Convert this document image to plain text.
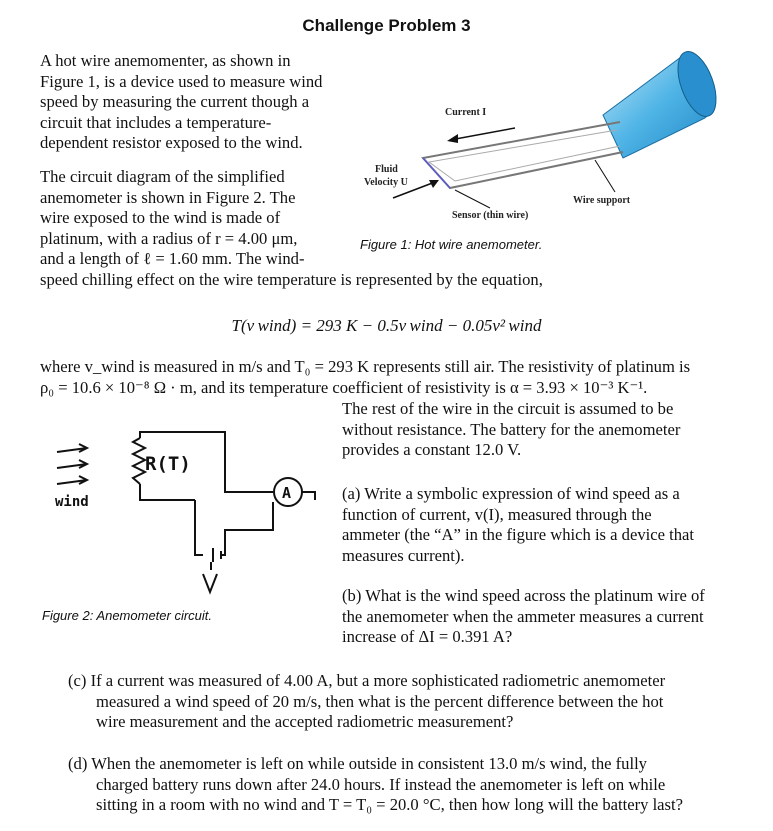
Challenge Problem 3
A hot wire anemomenter, as shown in
Figure 1, is a device used to measure wind
speed by measuring the current though a
circuit that includes a temperature-
dependent resistor exposed to the wind.
The circuit diagram of the simplified
anemometer is shown in Figure 2. The
wire exposed to the wind is made of
platinum, with a radius of r = 4.00 μm,
and a length of ℓ = 1.60 mm. The wind-
speed chilling effect on the wire temperature is represented by the equation,
Current I
Fluid
Velocity U
Sensor (thin wire)
Wire support
Figure 1: Hot wire anemometer.
T(v wind) = 293 K − 0.5v wind − 0.05v² wind
where v_wind is measured in m/s and T₀ = 293 K represents still air. The resistivity of platinum is
ρ₀ = 10.6 × 10⁻⁸ Ω · m, and its temperature coefficient of resistivity is α = 3.93 × 10⁻³ K⁻¹.
The rest of the wire in the circuit is assumed to be
without resistance. The battery for the anemometer
provides a constant 12.0 V.
R(T)
wind	A
Figure 2: Anemometer circuit.
(a) Write a symbolic expression of wind speed as a
function of current, v(I), measured through the
ammeter (the “A” in the figure which is a device that
measures current).
(b) What is the wind speed across the platinum wire of
the anemometer when the ammeter measures a current
increase of ΔI = 0.391 A?
(c) If a current was measured of 4.00 A, but a more sophisticated radiometric anemometer
measured a wind speed of 20 m/s, then what is the percent difference between the hot
wire measurement and the accepted radiometric measurement?
(d) When the anemometer is left on while outside in consistent 13.0 m/s wind, the fully
charged battery runs down after 24.0 hours. If instead the anemometer is left on while
sitting in a room with no wind and T = T₀ = 20.0 °C, then how long will the battery last?
